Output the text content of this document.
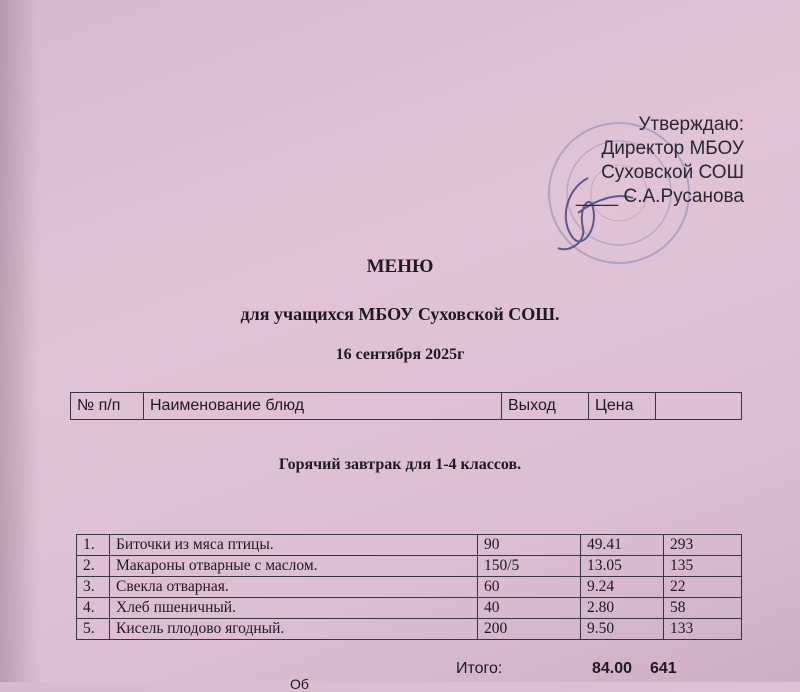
Утверждаю:
Директор МБОУ
Суховской СОШ
____ С.А.Русанова
МЕНЮ
для учащихся МБОУ Суховской СОШ.
16 сентября 2025г
№ п/п	Наименование блюд	Выход	Цена	
Горячий завтрак для 1-4 классов.
1.	Биточки из мяса птицы.	90	49.41	293
2.	Макароны отварные с маслом.	150/5	13.05	135
3.	Свекла отварная.	60	9.24	22
4.	Хлеб пшеничный.	40	2.80	58
5.	Кисель плодово ягодный.	200	9.50	133
Итого:	84.00 641
Об
